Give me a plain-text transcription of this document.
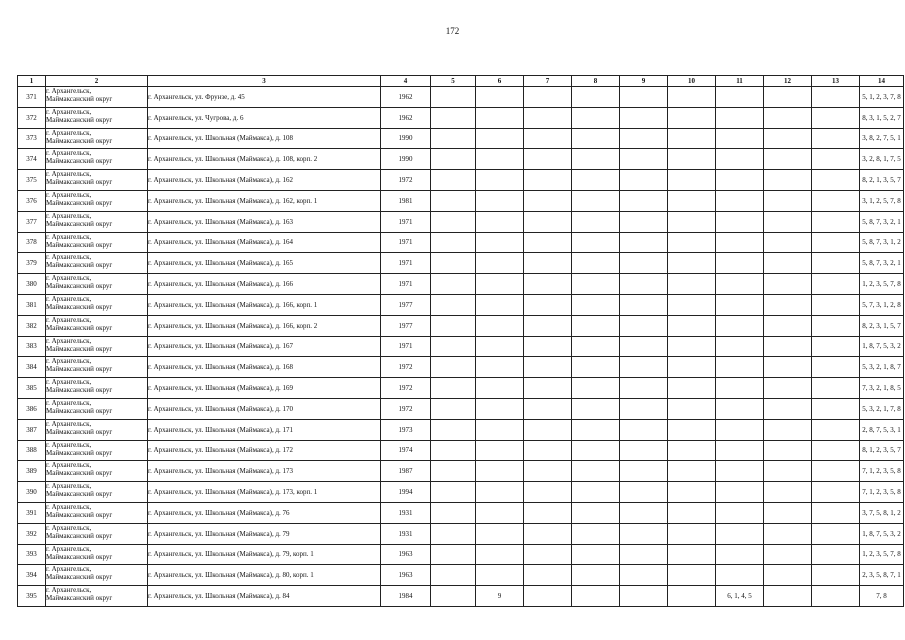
172
1	2	3	4	5	6	7	8	9	10	11	12	13	14
371	г. Архангельск,
Маймаксанский округ	г. Архангельск, ул. Фрунзе, д. 45	1962										5, 1, 2, 3, 7, 8
372	г. Архангельск,
Маймаксанский округ	г. Архангельск, ул. Чугрова, д. 6	1962										8, 3, 1, 5, 2, 7
373	г. Архангельск,
Маймаксанский округ	г. Архангельск, ул. Школьная (Маймакса), д. 108	1990										3, 8, 2, 7, 5, 1
374	г. Архангельск,
Маймаксанский округ	г. Архангельск, ул. Школьная (Маймакса), д. 108, корп. 2	1990										3, 2, 8, 1, 7, 5
375	г. Архангельск,
Маймаксанский округ	г. Архангельск, ул. Школьная (Маймакса), д. 162	1972										8, 2, 1, 3, 5, 7
376	г. Архангельск,
Маймаксанский округ	г. Архангельск, ул. Школьная (Маймакса), д. 162, корп. 1	1981										3, 1, 2, 5, 7, 8
377	г. Архангельск,
Маймаксанский округ	г. Архангельск, ул. Школьная (Маймакса), д. 163	1971										5, 8, 7, 3, 2, 1
378	г. Архангельск,
Маймаксанский округ	г. Архангельск, ул. Школьная (Маймакса), д. 164	1971										5, 8, 7, 3, 1, 2
379	г. Архангельск,
Маймаксанский округ	г. Архангельск, ул. Школьная (Маймакса), д. 165	1971										5, 8, 7, 3, 2, 1
380	г. Архангельск,
Маймаксанский округ	г. Архангельск, ул. Школьная (Маймакса), д. 166	1971										1, 2, 3, 5, 7, 8
381	г. Архангельск,
Маймаксанский округ	г. Архангельск, ул. Школьная (Маймакса), д. 166, корп. 1	1977										5, 7, 3, 1, 2, 8
382	г. Архангельск,
Маймаксанский округ	г. Архангельск, ул. Школьная (Маймакса), д. 166, корп. 2	1977										8, 2, 3, 1, 5, 7
383	г. Архангельск,
Маймаксанский округ	г. Архангельск, ул. Школьная (Маймакса), д. 167	1971										1, 8, 7, 5, 3, 2
384	г. Архангельск,
Маймаксанский округ	г. Архангельск, ул. Школьная (Маймакса), д. 168	1972										5, 3, 2, 1, 8, 7
385	г. Архангельск,
Маймаксанский округ	г. Архангельск, ул. Школьная (Маймакса), д. 169	1972										7, 3, 2, 1, 8, 5
386	г. Архангельск,
Маймаксанский округ	г. Архангельск, ул. Школьная (Маймакса), д. 170	1972										5, 3, 2, 1, 7, 8
387	г. Архангельск,
Маймаксанский округ	г. Архангельск, ул. Школьная (Маймакса), д. 171	1973										2, 8, 7, 5, 3, 1
388	г. Архангельск,
Маймаксанский округ	г. Архангельск, ул. Школьная (Маймакса), д. 172	1974										8, 1, 2, 3, 5, 7
389	г. Архангельск,
Маймаксанский округ	г. Архангельск, ул. Школьная (Маймакса), д. 173	1987										7, 1, 2, 3, 5, 8
390	г. Архангельск,
Маймаксанский округ	г. Архангельск, ул. Школьная (Маймакса), д. 173, корп. 1	1994										7, 1, 2, 3, 5, 8
391	г. Архангельск,
Маймаксанский округ	г. Архангельск, ул. Школьная (Маймакса), д. 76	1931										3, 7, 5, 8, 1, 2
392	г. Архангельск,
Маймаксанский округ	г. Архангельск, ул. Школьная (Маймакса), д. 79	1931										1, 8, 7, 5, 3, 2
393	г. Архангельск,
Маймаксанский округ	г. Архангельск, ул. Школьная (Маймакса), д. 79, корп. 1	1963										1, 2, 3, 5, 7, 8
394	г. Архангельск,
Маймаксанский округ	г. Архангельск, ул. Школьная (Маймакса), д. 80, корп. 1	1963										2, 3, 5, 8, 7, 1
395	г. Архангельск,
Маймаксанский округ	г. Архангельск, ул. Школьная (Маймакса), д. 84	1984		9					6, 1, 4, 5			7, 8
